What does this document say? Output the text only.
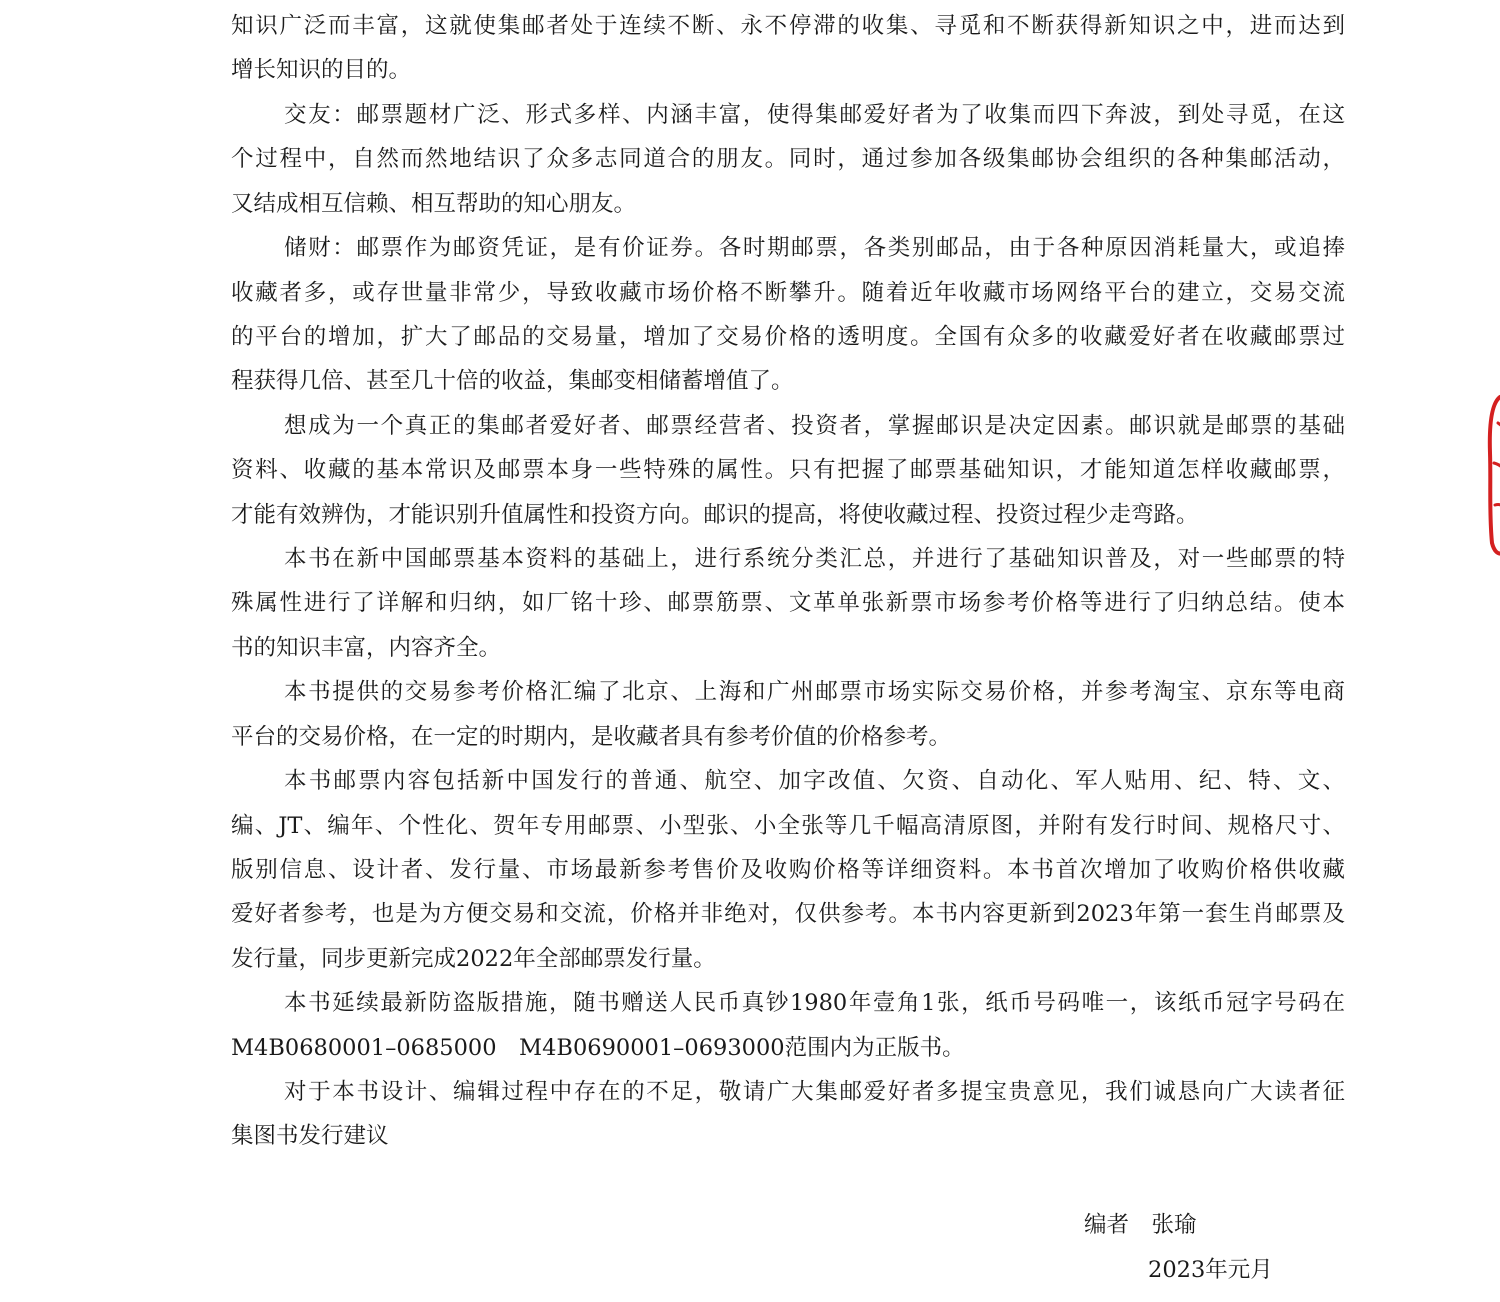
知识广泛而丰富，这就使集邮者处于连续不断、永不停滞的收集、寻觅和不断获得新知识之中，进而达到
增长知识的目的。
交友：邮票题材广泛、形式多样、内涵丰富，使得集邮爱好者为了收集而四下奔波，到处寻觅，在这
个过程中，自然而然地结识了众多志同道合的朋友。同时，通过参加各级集邮协会组织的各种集邮活动，
又结成相互信赖、相互帮助的知心朋友。
储财：邮票作为邮资凭证，是有价证券。各时期邮票，各类别邮品，由于各种原因消耗量大，或追捧
收藏者多，或存世量非常少，导致收藏市场价格不断攀升。随着近年收藏市场网络平台的建立，交易交流
的平台的增加，扩大了邮品的交易量，增加了交易价格的透明度。全国有众多的收藏爱好者在收藏邮票过
程获得几倍、甚至几十倍的收益，集邮变相储蓄增值了。
想成为一个真正的集邮者爱好者、邮票经营者、投资者，掌握邮识是决定因素。邮识就是邮票的基础
资料、收藏的基本常识及邮票本身一些特殊的属性。只有把握了邮票基础知识，才能知道怎样收藏邮票，
才能有效辨伪，才能识别升值属性和投资方向。邮识的提高，将使收藏过程、投资过程少走弯路。
本书在新中国邮票基本资料的基础上，进行系统分类汇总，并进行了基础知识普及，对一些邮票的特
殊属性进行了详解和归纳，如厂铭十珍、邮票筋票、文革单张新票市场参考价格等进行了归纳总结。使本
书的知识丰富，内容齐全。
本书提供的交易参考价格汇编了北京、上海和广州邮票市场实际交易价格，并参考淘宝、京东等电商
平台的交易价格，在一定的时期内，是收藏者具有参考价值的价格参考。
本书邮票内容包括新中国发行的普通、航空、加字改值、欠资、自动化、军人贴用、纪、特、文、
编、JT、编年、个性化、贺年专用邮票、小型张、小全张等几千幅高清原图，并附有发行时间、规格尺寸、
版别信息、设计者、发行量、市场最新参考售价及收购价格等详细资料。本书首次增加了收购价格供收藏
爱好者参考，也是为方便交易和交流，价格并非绝对，仅供参考。本书内容更新到2023年第一套生肖邮票及
发行量，同步更新完成2022年全部邮票发行量。
本书延续最新防盗版措施，随书赠送人民币真钞1980年壹角1张，纸币号码唯一，该纸币冠字号码在
M4B0680001–0685000　M4B0690001–0693000范围内为正版书。
对于本书设计、编辑过程中存在的不足，敬请广大集邮爱好者多提宝贵意见，我们诚恳向广大读者征
集图书发行建议
编者　张瑜
2023年元月
